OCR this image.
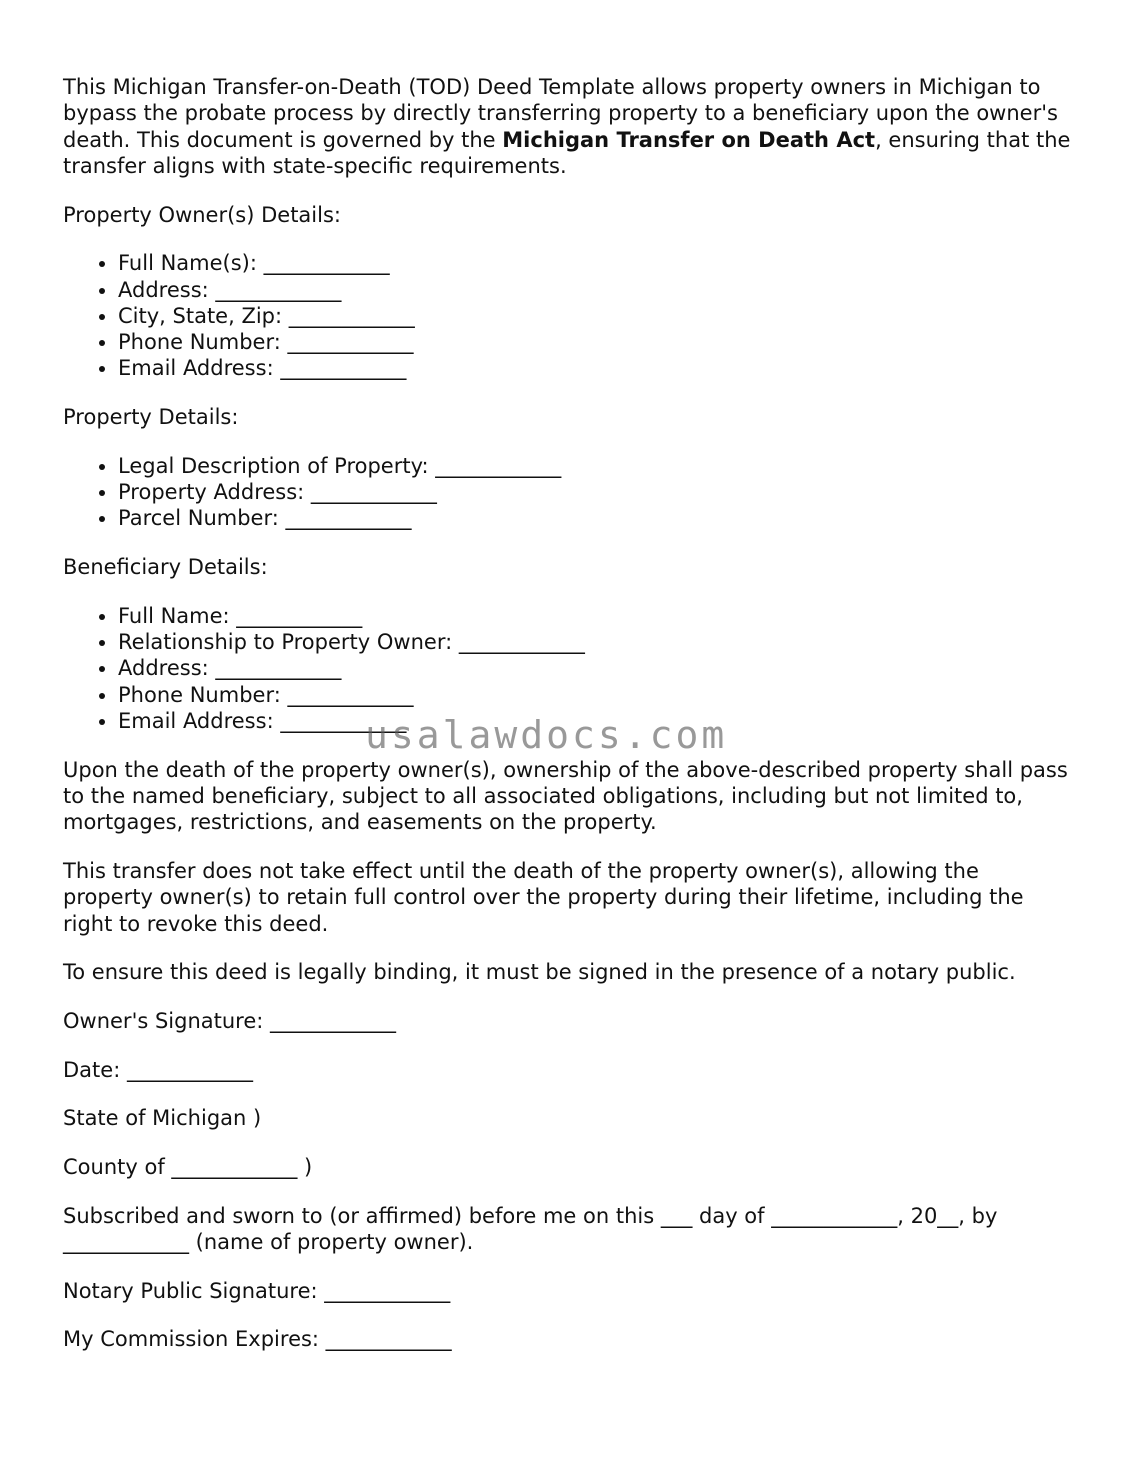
This Michigan Transfer-on-Death (TOD) Deed Template allows property owners in Michigan to bypass the probate process by directly transferring property to a beneficiary upon the owner's death. This document is governed by the Michigan Transfer on Death Act, ensuring that the transfer aligns with state-specific requirements.

Property Owner(s) Details:

• Full Name(s): ____________
• Address: ____________
• City, State, Zip: ____________
• Phone Number: ____________
• Email Address: ____________

Property Details:

• Legal Description of Property: ____________
• Property Address: ____________
• Parcel Number: ____________

Beneficiary Details:

• Full Name: ____________
• Relationship to Property Owner: ____________
• Address: ____________
• Phone Number: ____________
• Email Address: ____________

Upon the death of the property owner(s), ownership of the above-described property shall pass to the named beneficiary, subject to all associated obligations, including but not limited to, mortgages, restrictions, and easements on the property.

This transfer does not take effect until the death of the property owner(s), allowing the property owner(s) to retain full control over the property during their lifetime, including the right to revoke this deed.

To ensure this deed is legally binding, it must be signed in the presence of a notary public.

Owner's Signature: ____________

Date: ____________

State of Michigan )

County of ____________ )

Subscribed and sworn to (or affirmed) before me on this ___ day of ____________, 20__, by ____________ (name of property owner).

Notary Public Signature: ____________

My Commission Expires: ____________

usalawdocs.com
